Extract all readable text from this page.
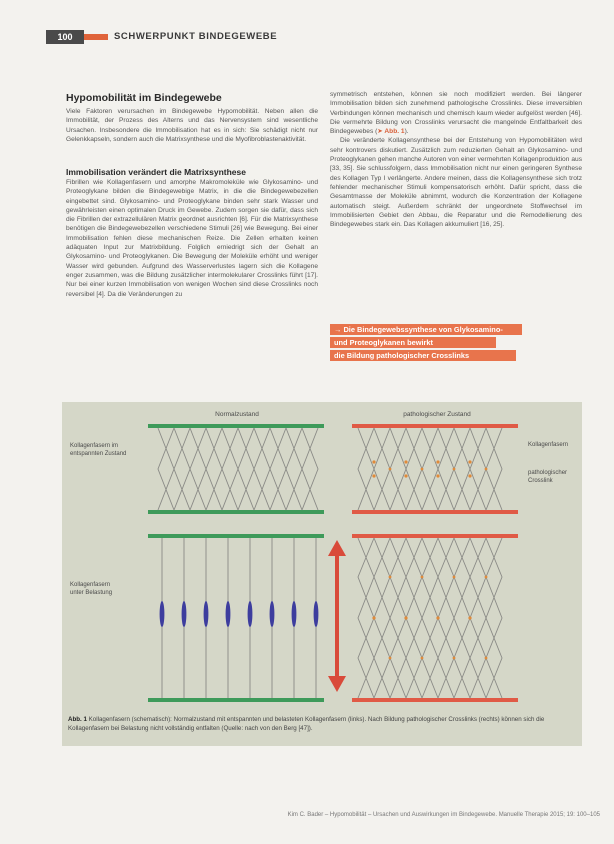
100	SCHWERPUNKT BINDEGEWEBE
Hypomobilität im Bindegewebe

Viele Faktoren verursachen im Bindegewebe Hypomobilität. Neben allen die Immobilität, der Prozess des Alterns und das Nervensystem sind wesentliche Ursachen. Insbesondere die Immobilisation hat es in sich: Sie schädigt nicht nur Gelenkkapseln, sondern auch die Matrixsynthese und die Myofibroblastenaktivität.

Immobilisation verändert die Matrixsynthese

Fibrillen wie Kollagenfasern und amorphe Makromoleküle wie Glykosamino- und Proteoglykane bilden die Bindegewebige Matrix, in die die Bindegewebezellen eingebettet sind. Glykosamino- und Proteoglykane binden sehr stark Wasser und gewährleisten einen optimalen Druck im Gewebe. Zudem sorgen sie dafür, dass sich die Fibrillen der extrazellulären Matrix geordnet ausrichten [6]. Für die Matrixsynthese benötigen die Bindegewebezellen verschiedene Stimuli [26] wie Bewegung. Bei einer Immobilisation fehlen diese mechanischen Reize. Die Zellen erhalten keinen adäquaten Input zur Matrixbildung. Folglich erniedrigt sich der Gehalt an Glykosamino- und Proteoglykanen. Die Bewegung der Moleküle erhöht und weniger Wasser wird gebunden. Aufgrund des Wasserverlustes lagern sich die Kollagene enger zusammen, was die Bildung zusätzlicher intermolekularer Crosslinks führt [17]. Nur bei einer kurzen Immobilisation von wenigen Wochen sind diese Crosslinks noch reversibel [4]. Da die Veränderungen zu

symmetrisch entstehen, können sie noch modifiziert werden. Bei längerer Immobilisation bilden sich zunehmend pathologische Crosslinks. Diese irreversiblen Verbindungen können mechanisch und chemisch kaum wieder aufgelöst werden [46]. Die vermehrte Bildung von Crosslinks verursacht die mangelnde Entfaltbarkeit des Bindegewebes (➤ Abb. 1).

Die veränderte Kollagensynthese bei der Entstehung von Hypomobilitäten wird sehr kontrovers diskutiert. Zusätzlich zum reduzierten Gehalt an Glykosamino- und Proteoglykanen gehen manche Autoren von einer vermehrten Kollagenproduktion aus [33, 35]. Sie schlussfolgern, dass Immobilisation nicht nur einen geringeren Synthese des Kollagen Typ I verlängerte. Andere meinen, dass die Kollagensynthese sich trotz fehlender mechanischer Stimuli kompensatorisch erhöht. Dafür spricht, dass die Gesamtmasse der Moleküle abnimmt, wodurch die Konzentration der Kollagene automatisch steigt. Außerdem schränkt der ungeordnete Stoffwechsel im Immobilisierten Gebiet den Abbau, die Reparatur und die Remodellierung des Bindegewebes stark ein. Das Kollagen akkumuliert [16, 25].

→ Die Bindegewebssynthese von Glykosamino-
und Proteoglykanen bewirkt
die Bildung pathologischer Crosslinks
Normalzustand	pathologischer Zustand
Kollagenfasern im entspannten Zustand
Kollagenfasern
pathologischer Crosslink
Kollagenfasern unter Belastung
Abb. 1 Kollagenfasern (schematisch): Normalzustand mit entspannten und belasteten Kollagenfasern (links). Nach Bildung pathologischer Crosslinks (rechts) können sich die Kollagenfasern bei Belastung nicht vollständig entfalten (Quelle: nach von den Berg [47]).
Kim C. Bader – Hypomobilität – Ursachen und Auswirkungen im Bindegewebe. Manuelle Therapie 2015; 19: 100–105
